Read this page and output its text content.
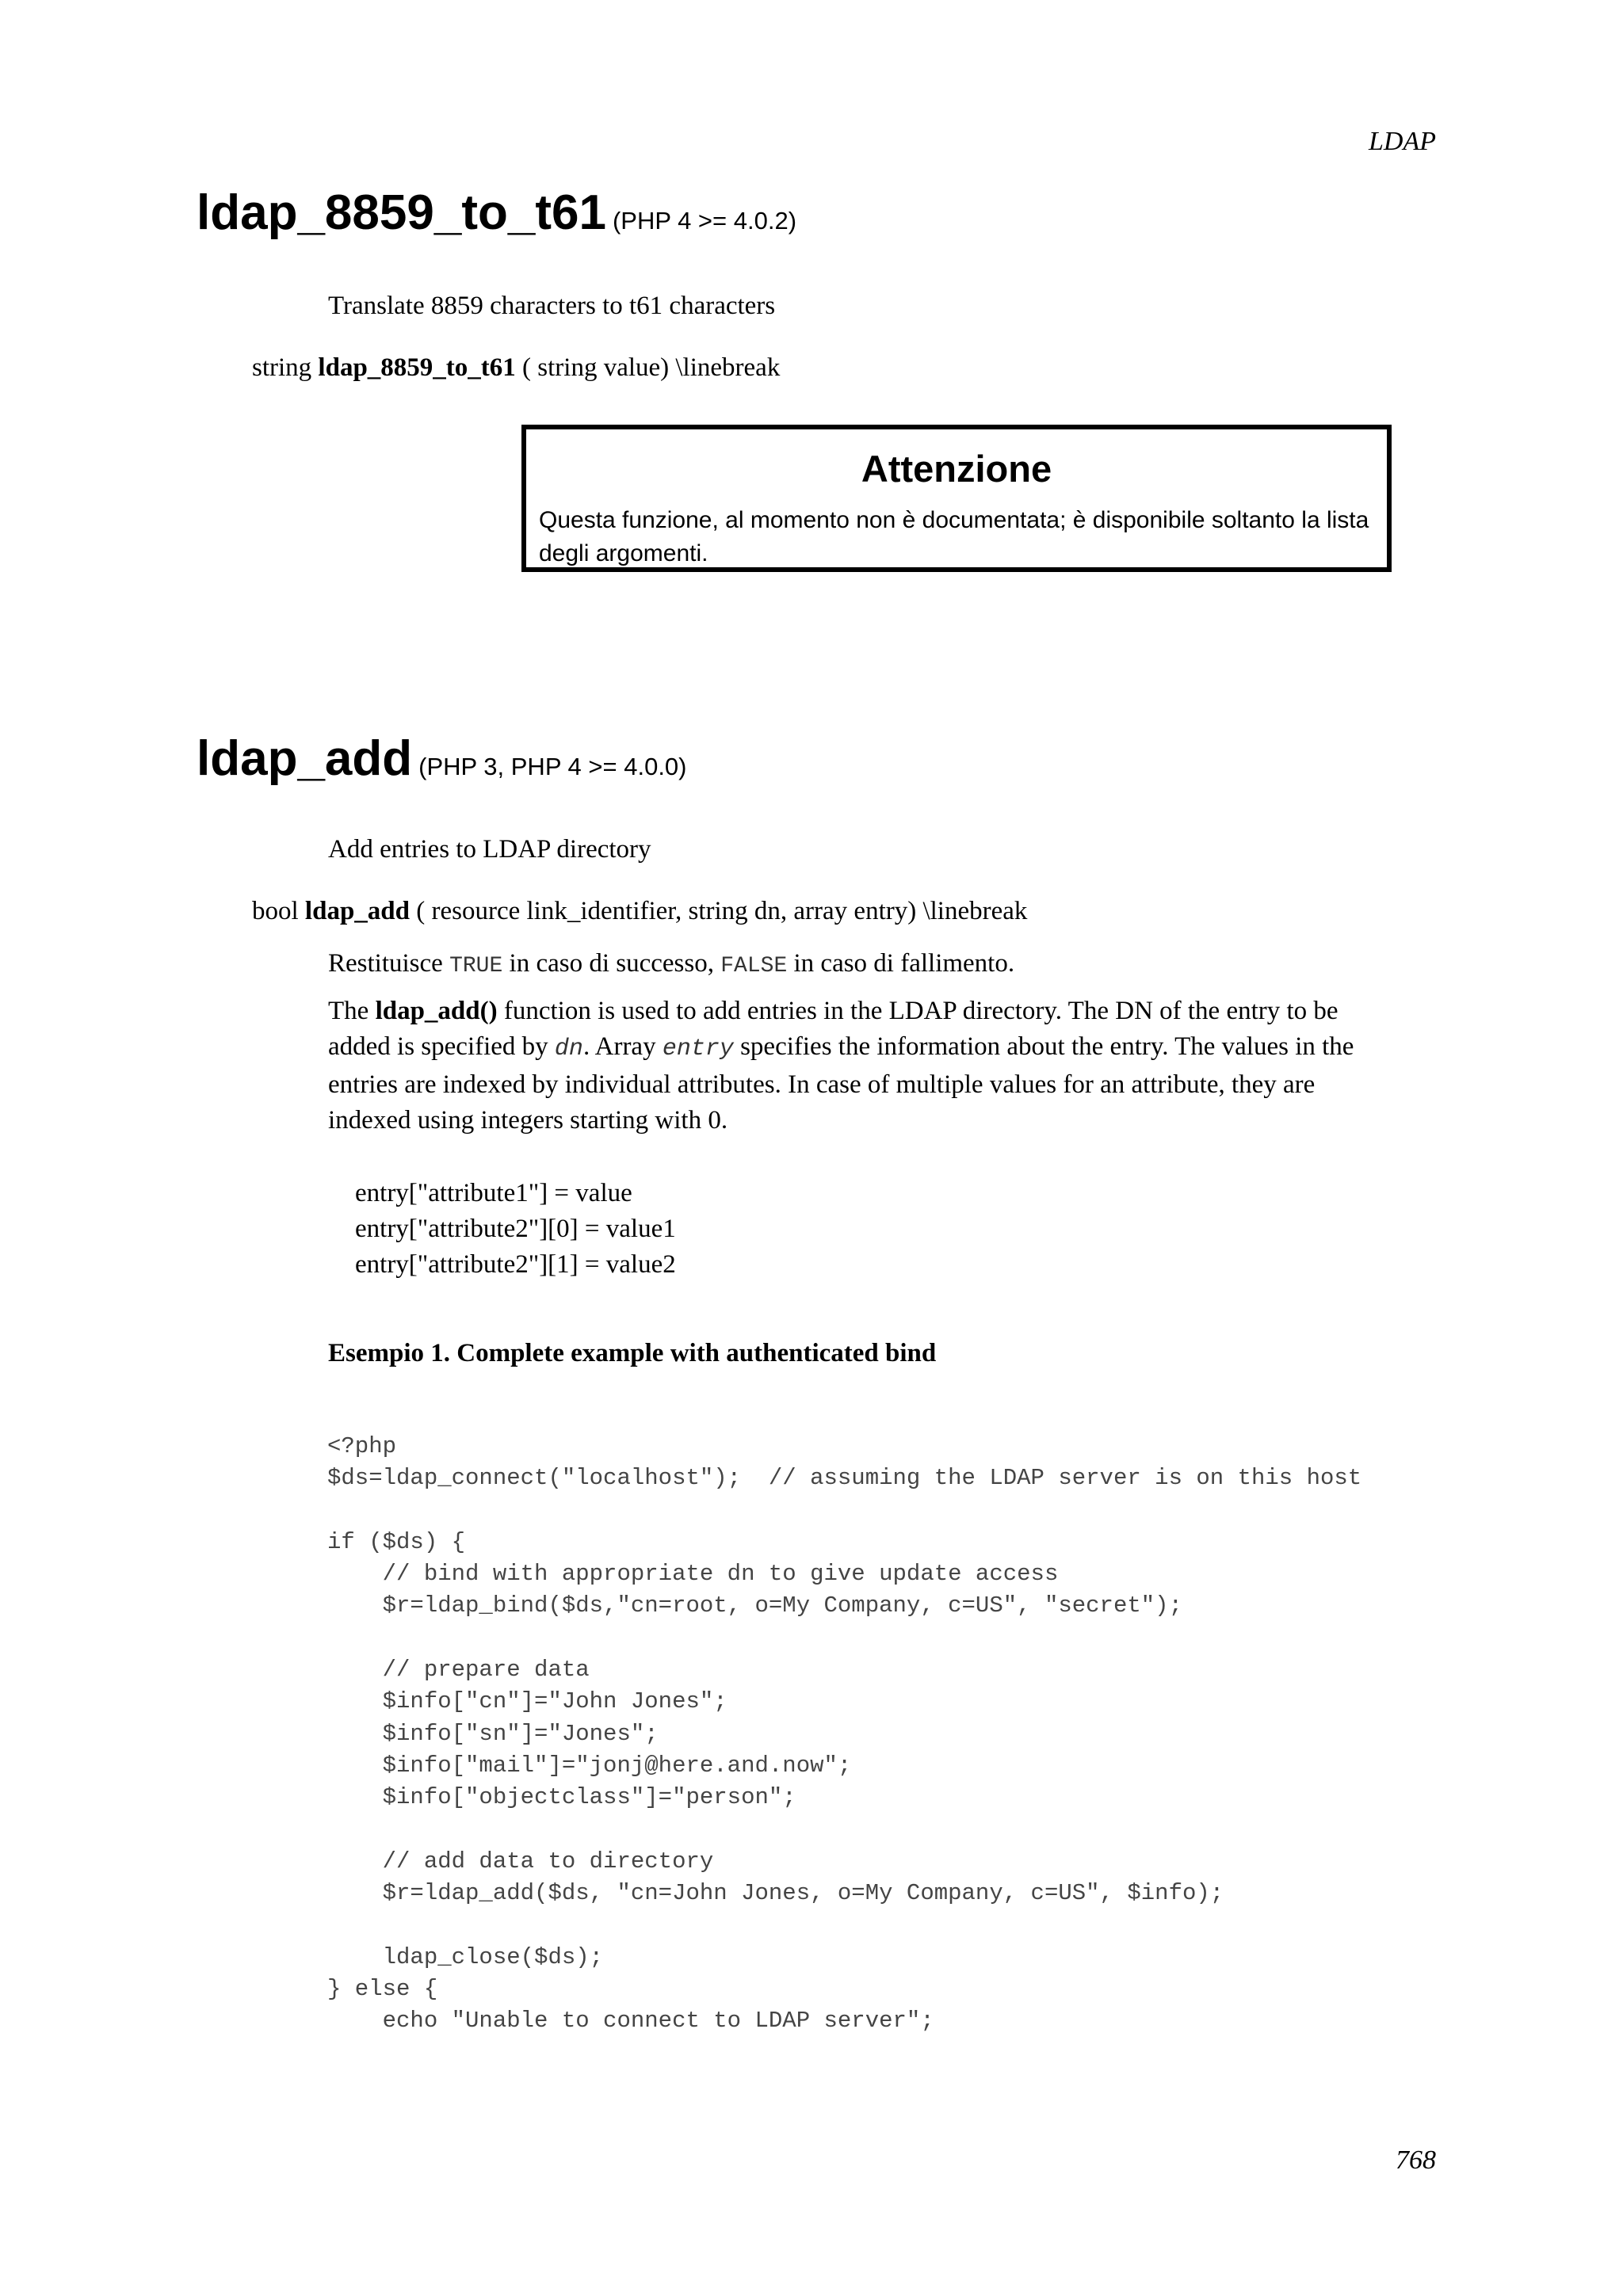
LDAP
ldap_8859_to_t61 (PHP 4 >= 4.0.2)
Translate 8859 characters to t61 characters
string ldap_8859_to_t61 ( string value) \linebreak
Attenzione
Questa funzione, al momento non è documentata; è disponibile soltanto la lista degli argomenti.
ldap_add (PHP 3, PHP 4 >= 4.0.0)
Add entries to LDAP directory
bool ldap_add ( resource link_identifier, string dn, array entry) \linebreak
Restituisce TRUE in caso di successo, FALSE in caso di fallimento.
The ldap_add() function is used to add entries in the LDAP directory. The DN of the entry to be
added is specified by dn. Array entry specifies the information about the entry. The values in the
entries are indexed by individual attributes. In case of multiple values for an attribute, they are
indexed using integers starting with 0.
entry["attribute1"] = value
entry["attribute2"][0] = value1
entry["attribute2"][1] = value2
Esempio 1. Complete example with authenticated bind
<?php
$ds=ldap_connect("localhost");  // assuming the LDAP server is on this host

if ($ds) {
// bind with appropriate dn to give update access
$r=ldap_bind($ds,"cn=root, o=My Company, c=US", "secret");

// prepare data
$info["cn"]="John Jones";
$info["sn"]="Jones";
$info["mail"]="jonj@here.and.now";
$info["objectclass"]="person";

// add data to directory
$r=ldap_add($ds, "cn=John Jones, o=My Company, c=US", $info);

ldap_close($ds);
} else {
echo "Unable to connect to LDAP server";
768
